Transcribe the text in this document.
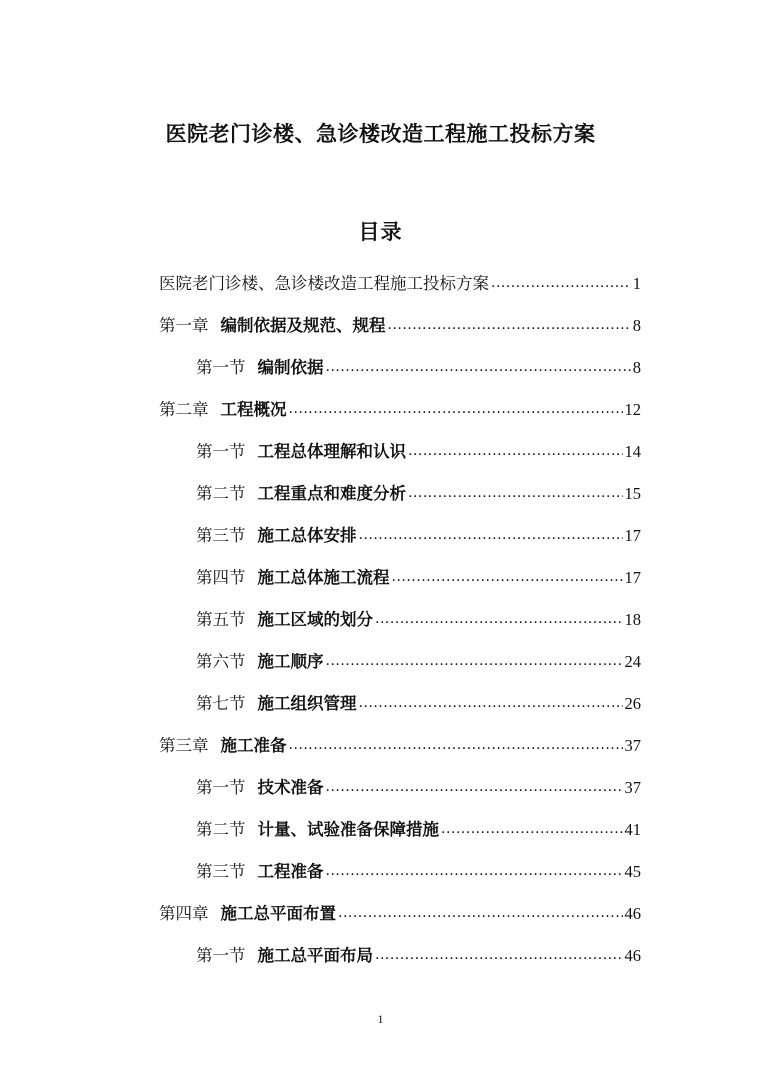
医院老门诊楼、急诊楼改造工程施工投标方案
目录
医院老门诊楼、急诊楼改造工程施工投标方案 .....	1
第一章 编制依据及规范、规程 .....	8
第一节 编制依据 .....	8
第二章 工程概况 .....	12
第一节 工程总体理解和认识 .....	14
第二节 工程重点和难度分析 .....	15
第三节 施工总体安排 .....	17
第四节 施工总体施工流程 .....	17
第五节 施工区域的划分 .....	18
第六节 施工顺序 .....	24
第七节 施工组织管理 .....	26
第三章 施工准备 .....	37
第一节 技术准备 .....	37
第二节 计量、试验准备保障措施 .....	41
第三节 工程准备 .....	45
第四章 施工总平面布置 .....	46
第一节 施工总平面布局 .....	46
1
